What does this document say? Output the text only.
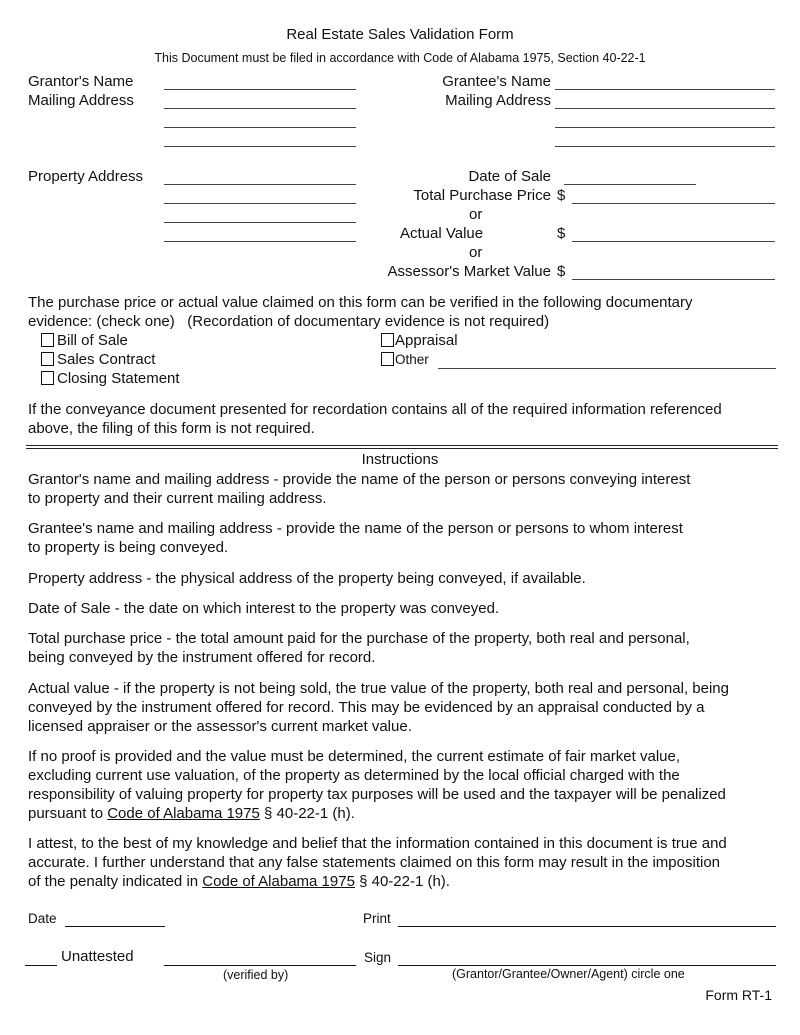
Real Estate Sales Validation Form
This Document must be filed in accordance with Code of Alabama 1975, Section 40-22-1
Grantor's Name
Mailing Address
Grantee's Name
Mailing Address
Property Address	Date of Sale
Total Purchase Price $
or
Actual Value	$
or
Assessor's Market Value $
The purchase price or actual value claimed on this form can be verified in the following documentary
evidence: (check one)   (Recordation of documentary evidence is not required)
Bill of Sale
Sales Contract
Closing Statement
Appraisal
Other
If the conveyance document presented for recordation contains all of the required information referenced
above, the filing of this form is not required.
Instructions
Grantor's name and mailing address - provide the name of the person or persons conveying interest
to property and their current mailing address.
Grantee's name and mailing address - provide the name of the person or persons to whom interest
to property is being conveyed.
Property address - the physical address of the property being conveyed, if available.
Date of Sale - the date on which interest to the property was conveyed.
Total purchase price - the total amount paid for the purchase of the property, both real and personal,
being conveyed by the instrument offered for record.
Actual value - if the property is not being sold, the true value of the property, both real and personal, being
conveyed by the instrument offered for record. This may be evidenced by an appraisal conducted by a
licensed appraiser or the assessor's current market value.
If no proof is provided and the value must be determined, the current estimate of fair market value,
excluding current use valuation, of the property as determined by the local official charged with the
responsibility of valuing property for property tax purposes will be used and the taxpayer will be penalized
pursuant to Code of Alabama 1975 § 40-22-1 (h).
I attest, to the best of my knowledge and belief that the information contained in this document is true and
accurate. I further understand that any false statements claimed on this form may result in the imposition
of the penalty indicated in Code of Alabama 1975 § 40-22-1 (h).
Date	Print
Unattested
(verified by)
Sign
(Grantor/Grantee/Owner/Agent) circle one
Form RT-1
